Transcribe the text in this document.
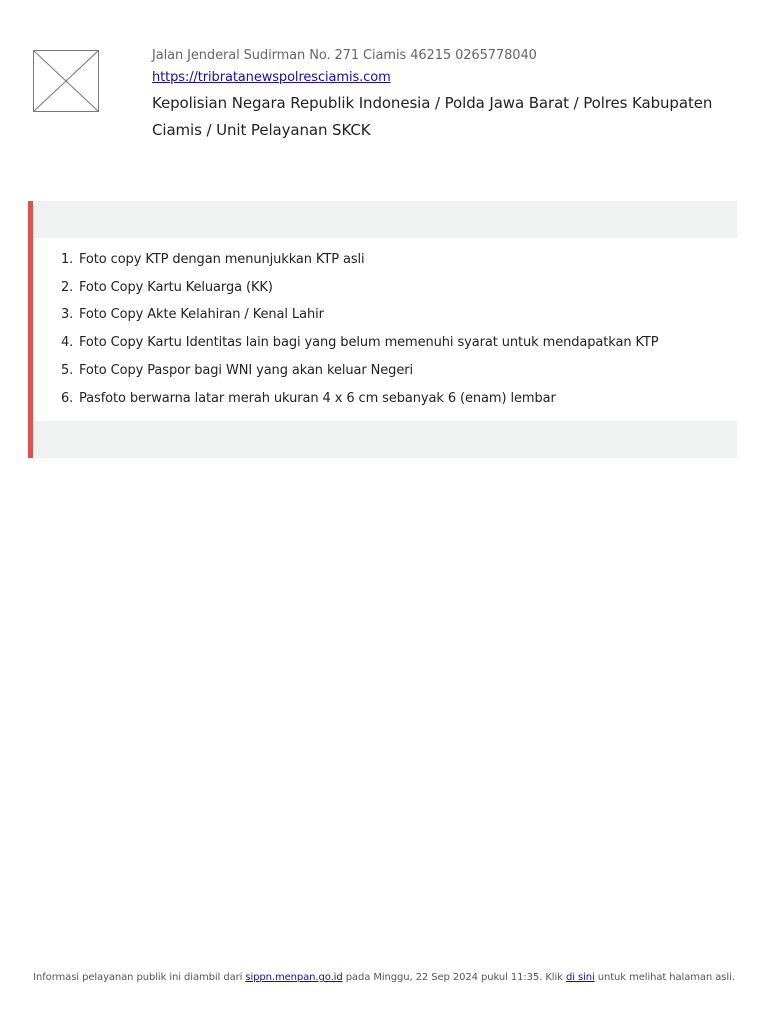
Jalan Jenderal Sudirman No. 271 Ciamis 46215 0265778040

https://tribratanewspolresciamis.com
Kepolisian Negara Republik Indonesia / Polda Jawa Barat / Polres Kabupaten Ciamis / Unit Pelayanan SKCK
1. Foto copy KTP dengan menunjukkan KTP asli
2. Foto Copy Kartu Keluarga (KK)
3. Foto Copy Akte Kelahiran / Kenal Lahir
4. Foto Copy Kartu Identitas lain bagi yang belum memenuhi syarat untuk mendapatkan KTP
5. Foto Copy Paspor bagi WNI yang akan keluar Negeri
6. Pasfoto berwarna latar merah ukuran 4 x 6 cm sebanyak 6 (enam) lembar
Informasi pelayanan publik ini diambil dari sippn.menpan.go.id pada Minggu, 22 Sep 2024 pukul 11:35. Klik di sini untuk melihat halaman asli.
